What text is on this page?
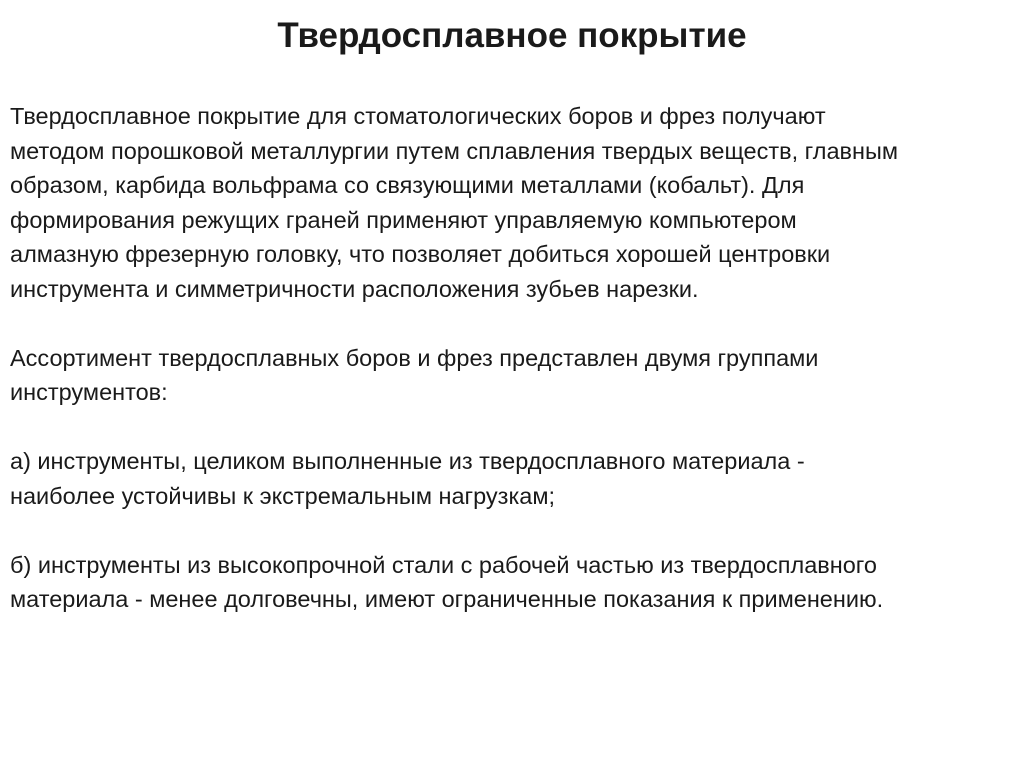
Твердосплавное покрытие
Твердосплавное покрытие для стоматологических боров и фрез получают
методом порошковой металлургии путем сплавления твердых веществ, главным
образом, карбида вольфрама со связующими металлами (кобальт). Для
формирования режущих граней применяют управляемую компьютером
алмазную фрезерную головку, что позволяет добиться хорошей центровки
инструмента и симметричности расположения зубьев нарезки.
Ассортимент твердосплавных боров и фрез представлен двумя группами
инструментов:
а) инструменты, целиком выполненные из твердосплавного материала -
наиболее устойчивы к экстремальным нагрузкам;
б) инструменты из высокопрочной стали с рабочей частью из твердосплавного
материала - менее долговечны, имеют ограниченные показания к применению.
